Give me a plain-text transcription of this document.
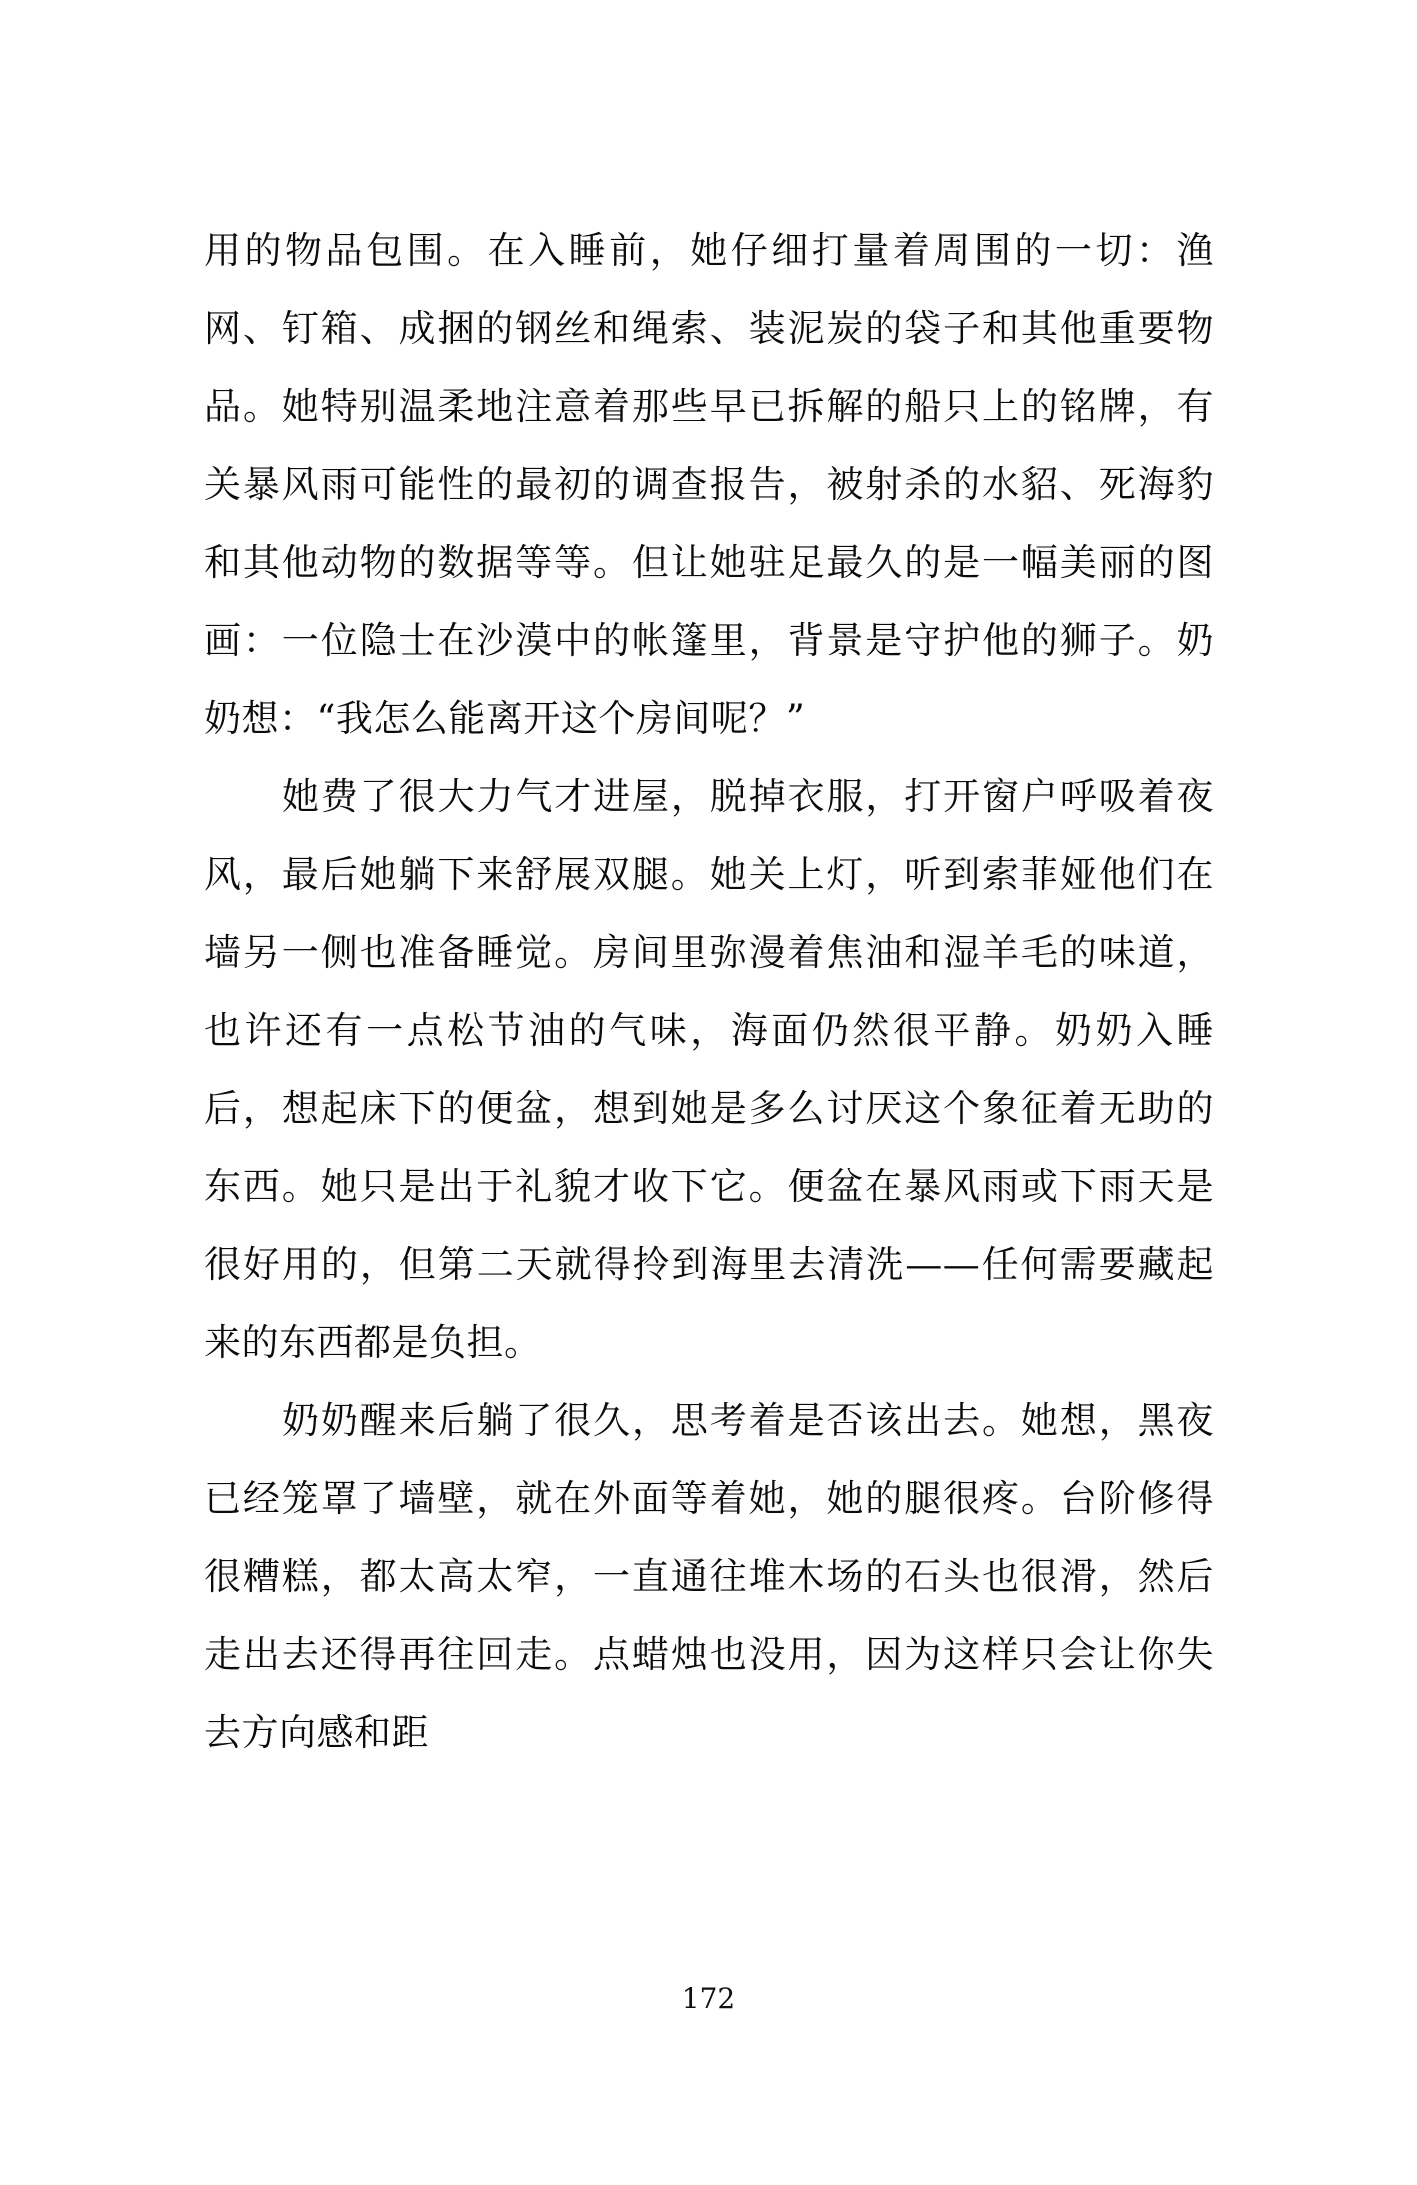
用的物品包围。在入睡前，她仔细打量着周围的一切：渔网、钉箱、成捆的钢丝和绳索、装泥炭的袋子和其他重要物品。她特别温柔地注意着那些早已拆解的船只上的铭牌，有关暴风雨可能性的最初的调查报告，被射杀的水貂、死海豹和其他动物的数据等等。但让她驻足最久的是一幅美丽的图画：一位隐士在沙漠中的帐篷里，背景是守护他的狮子。奶奶想：“我怎么能离开这个房间呢？”

她费了很大力气才进屋，脱掉衣服，打开窗户呼吸着夜风，最后她躺下来舒展双腿。她关上灯，听到索菲娅他们在墙另一侧也准备睡觉。房间里弥漫着焦油和湿羊毛的味道，也许还有一点松节油的气味，海面仍然很平静。奶奶入睡后，想起床下的便盆，想到她是多么讨厌这个象征着无助的东西。她只是出于礼貌才收下它。便盆在暴风雨或下雨天是很好用的，但第二天就得拎到海里去清洗——任何需要藏起来的东西都是负担。

奶奶醒来后躺了很久，思考着是否该出去。她想，黑夜已经笼罩了墙壁，就在外面等着她，她的腿很疼。台阶修得很糟糕，都太高太窄，一直通往堆木场的石头也很滑，然后走出去还得再往回走。点蜡烛也没用，因为这样只会让你失去方向感和距

172
